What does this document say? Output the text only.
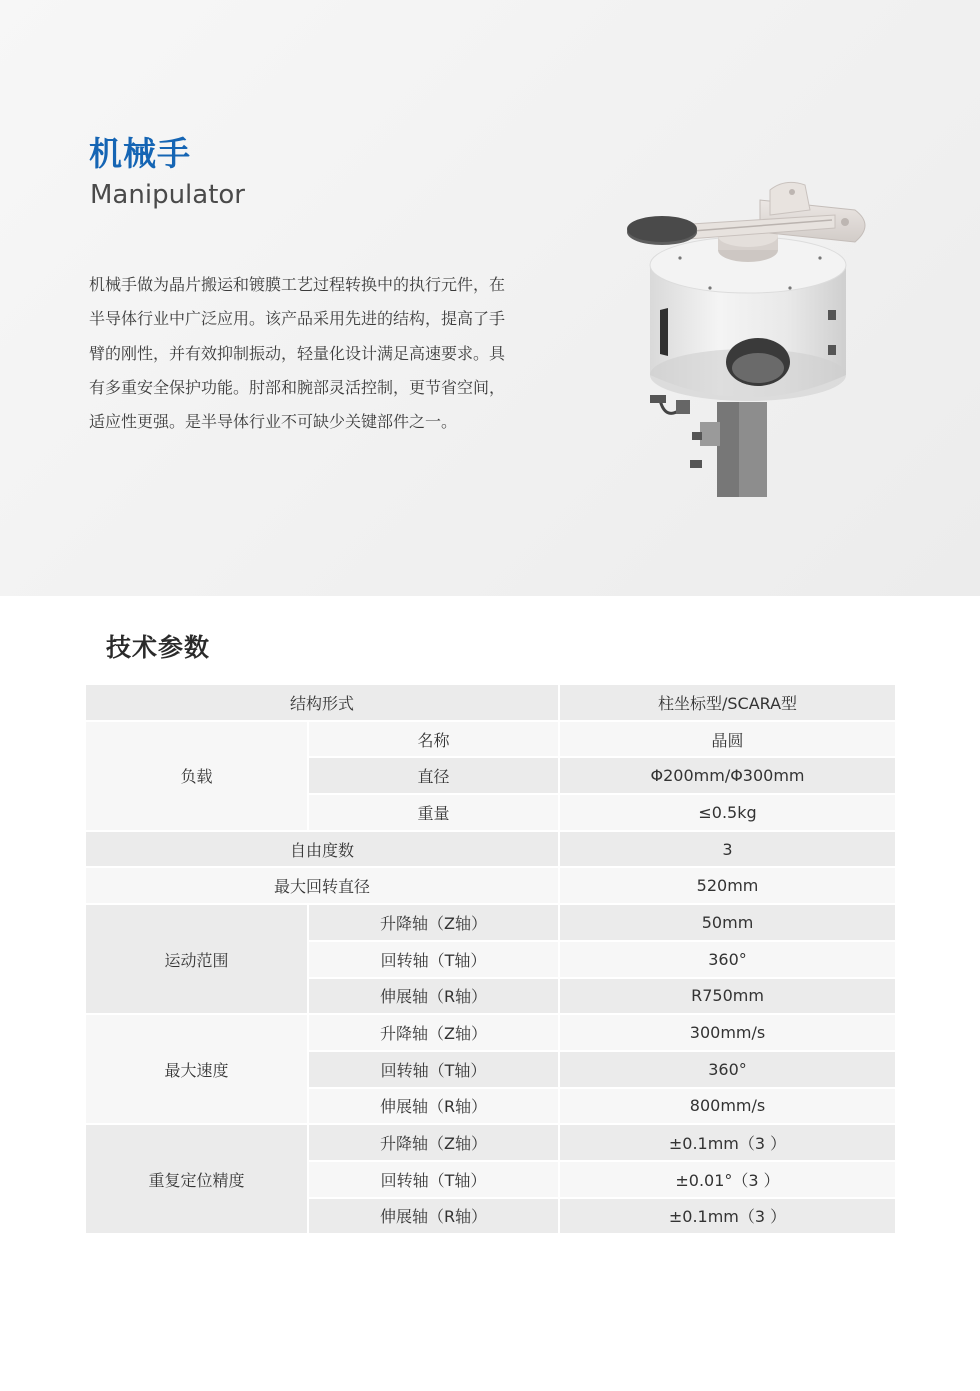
机械手
Manipulator
机械手做为晶片搬运和镀膜工艺过程转换中的执行元件，在半导体行业中广泛应用。该产品采用先进的结构，提高了手臂的刚性，并有效抑制振动，轻量化设计满足高速要求。具有多重安全保护功能。肘部和腕部灵活控制，更节省空间，适应性更强。是半导体行业不可缺少关键部件之一。
技术参数
结构形式		柱坐标型/SCARA型
负载	名称	晶圆
	直径	Φ200mm/Φ300mm
	重量	≤0.5kg
自由度数		3
最大回转直径		520mm
运动范围	升降轴（Z轴）	50mm
	回转轴（T轴）	360°
	伸展轴（R轴）	R750mm
最大速度	升降轴（Z轴）	300mm/s
	回转轴（T轴）	360°
	伸展轴（R轴）	800mm/s
重复定位精度	升降轴（Z轴）	±0.1mm（3 ）
	回转轴（T轴）	±0.01°（3 ）
	伸展轴（R轴）	±0.1mm（3 ）
